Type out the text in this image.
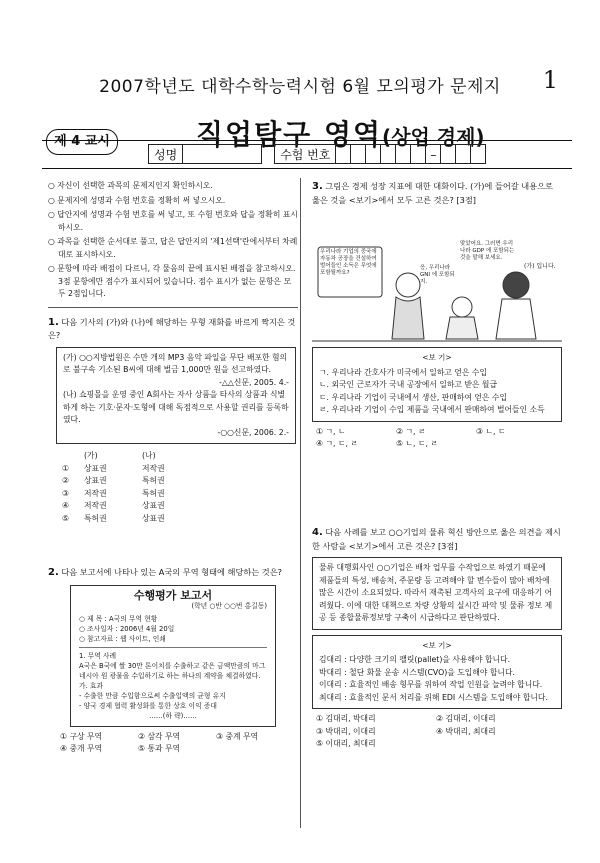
2007학년도 대학수학능력시험 6월 모의평가 문제지	1
제 4 교시	직업탐구 영역(상업 경제)
성명	수험 번호	–

○ 자신이 선택한 과목의 문제지인지 확인하시오.

○ 문제지에 성명과 수험 번호를 정확히 써 넣으시오.

○ 답안지에 성명과 수험 번호를 써 넣고, 또 수험 번호와 답을 정확히 표시하시오.

○ 과목을 선택한 순서대로 풀고, 답은 답안지의 '제1선택'란에서부터 차례대로 표시하시오.

○ 문항에 따라 배점이 다르니, 각 물음의 끝에 표시된 배점을 참고하시오. 3점 문항에만 점수가 표시되어 있습니다. 점수 표시가 없는 문항은 모두 2점입니다.

1. 다음 기사의 (가)와 (나)에 해당하는 무형 재화를 바르게 짝지은 것은?
(가) ○○지방법원은 수만 개의 MP3 음악 파일을 무단 배포한 혐의로 불구속 기소된 B씨에 대해 벌금 1,000만 원을 선고하였다.
-△△신문, 2005. 4.-
(나) 쇼핑몰을 운영 중인 A회사는 자사 상품을 타사의 상품과 식별하게 하는 기호·문자·도형에 대해 독점적으로 사용할 권리를 등록하였다.
-○○신문, 2006. 2.-
(가)	(나)
①	상표권	저작권
②	상표권	특허권
③	저작권	특허권
④	저작권	상표권
⑤	특허권	상표권
2. 다음 보고서에 나타나 있는 A국의 무역 형태에 해당하는 것은?
수행평가 보고서
(학년 ○반 ○○번 홍길동)
○ 제 목 : A국의 무역 현황
○ 조사일자 : 2006년 4월 20일
○ 참고자료 : 웹 사이트, 인쇄
1. 무역 사례
A국은 B국에 쌀 30만 톤이치를 수출하고 같은 금액만큼의 마그네시아 원 광물을 수입하기로 하는 하나의 계약을 체결하였다.
가. 효과
- 수출한 만큼 수입함으로써 수출입액의 균형 유지
- 양국 경제 협력 활성화를 통한 상호 이익 증대
……(하 략)……
① 구상 무역	② 삼각 무역	③ 중계 무역
④ 중개 무역	⑤ 통과 무역
3. 그림은 경제 성장 지표에 대한 대화이다. (가)에 들어갈 내용으로 옳은 것을 <보기>에서 모두 고른 것은? [3점]
우리나라 기업의 중국에 자동차 공장을 건설하여 벌어들인 소득은 무엇에 포함될까요?
응, 우리나라 GNI 에 포함되지.
맞았어요. 그러면 우리나라 GDP 에 포함되는 것을 말해 보세요.
(가) 입니다.
<보 기>
ㄱ. 우리나라 간호사가 미국에서 일하고 얻은 수입
ㄴ. 외국인 근로자가 국내 공장에서 일하고 받은 월급
ㄷ. 우리나라 기업이 국내에서 생산, 판매하여 얻은 수입
ㄹ. 우리나라 기업이 수입 제품을 국내에서 판매하여 벌어들인 소득
① ㄱ, ㄴ	② ㄱ, ㄹ	③ ㄴ, ㄷ
④ ㄱ, ㄷ, ㄹ	⑤ ㄴ, ㄷ, ㄹ
4. 다음 사례를 보고 ○○기업의 물류 혁신 방안으로 옳은 의견을 제시한 사람을 <보기>에서 고른 것은? [3점]
물류 대행회사인 ○○기업은 배차 업무를 수작업으로 하였기 때문에 제품들의 특성, 배송처, 주문량 등 고려해야 할 변수들이 많아 배차에 많은 시간이 소요되었다. 따라서 재촉된 고객사의 요구에 대응하기 어려웠다. 이에 대한 대책으로 차량 상황의 실시간 파악 및 물류 정보 제공 등 종합물류정보망 구축이 시급하다고 판단하였다.
<보 기>
김대리 : 다양한 크기의 팰릿(pallet)을 사용해야 합니다.
박대리 : 철단 화물 운송 시스템(CVO)을 도입해야 합니다.
이대리 : 효율적인 배송 형무를 위하여 작업 인원을 늘려야 합니다.
최대리 : 효율적인 문서 처리를 위해 EDI 시스템을 도입해야 합니다.
① 김대리, 박대리	② 김대리, 이대리
③ 박대리, 이대리	④ 박대리, 최대리
⑤ 이대리, 최대리
